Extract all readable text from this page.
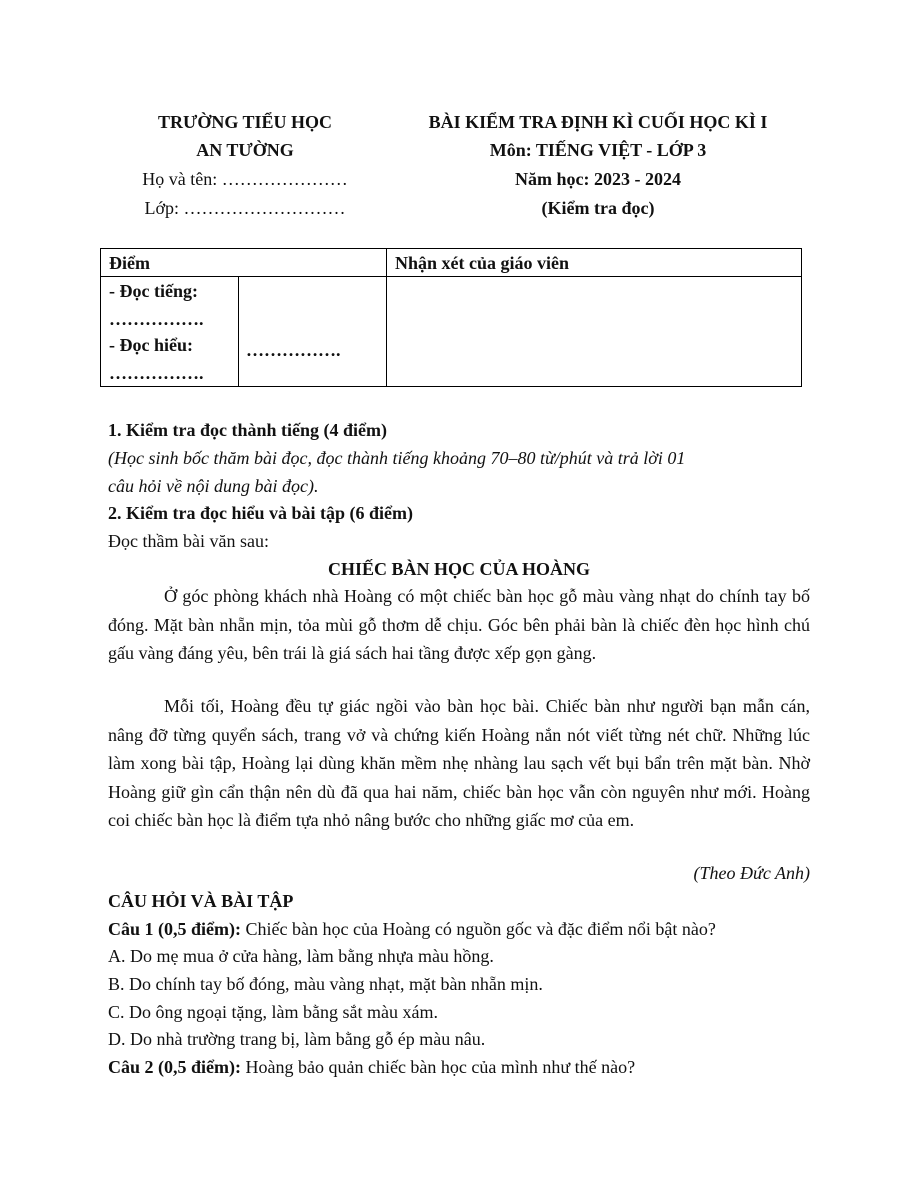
TRƯỜNG TIỂU HỌC
AN TƯỜNG
Họ và tên: …………………
Lớp: ………………………
BÀI KIỂM TRA ĐỊNH KÌ CUỐI HỌC KÌ I
Môn: TIẾNG VIỆT - LỚP 3
Năm học: 2023 - 2024
(Kiểm tra đọc)
Điểm	Nhận xét của giáo viên
- Đọc tiếng:
…………….
- Đọc hiểu:
…………….
…………….
1. Kiểm tra đọc thành tiếng (4 điểm)
(Học sinh bốc thăm bài đọc, đọc thành tiếng khoảng 70–80 từ/phút và trả lời 01
câu hỏi về nội dung bài đọc).
2. Kiểm tra đọc hiểu và bài tập (6 điểm)
Đọc thầm bài văn sau:
CHIẾC BÀN HỌC CỦA HOÀNG
Ở góc phòng khách nhà Hoàng có một chiếc bàn học gỗ màu vàng nhạt do chính tay bố đóng. Mặt bàn nhẵn mịn, tỏa mùi gỗ thơm dễ chịu. Góc bên phải bàn là chiếc đèn học hình chú gấu vàng đáng yêu, bên trái là giá sách hai tầng được xếp gọn gàng.
Mỗi tối, Hoàng đều tự giác ngồi vào bàn học bài. Chiếc bàn như người bạn mẫn cán, nâng đỡ từng quyển sách, trang vở và chứng kiến Hoàng nắn nót viết từng nét chữ. Những lúc làm xong bài tập, Hoàng lại dùng khăn mềm nhẹ nhàng lau sạch vết bụi bẩn trên mặt bàn. Nhờ Hoàng giữ gìn cẩn thận nên dù đã qua hai năm, chiếc bàn học vẫn còn nguyên như mới. Hoàng coi chiếc bàn học là điểm tựa nhỏ nâng bước cho những giấc mơ của em.
(Theo Đức Anh)
CÂU HỎI VÀ BÀI TẬP
Câu 1 (0,5 điểm): Chiếc bàn học của Hoàng có nguồn gốc và đặc điểm nổi bật nào?
A. Do mẹ mua ở cửa hàng, làm bằng nhựa màu hồng.
B. Do chính tay bố đóng, màu vàng nhạt, mặt bàn nhẵn mịn.
C. Do ông ngoại tặng, làm bằng sắt màu xám.
D. Do nhà trường trang bị, làm bằng gỗ ép màu nâu.
Câu 2 (0,5 điểm): Hoàng bảo quản chiếc bàn học của mình như thế nào?
